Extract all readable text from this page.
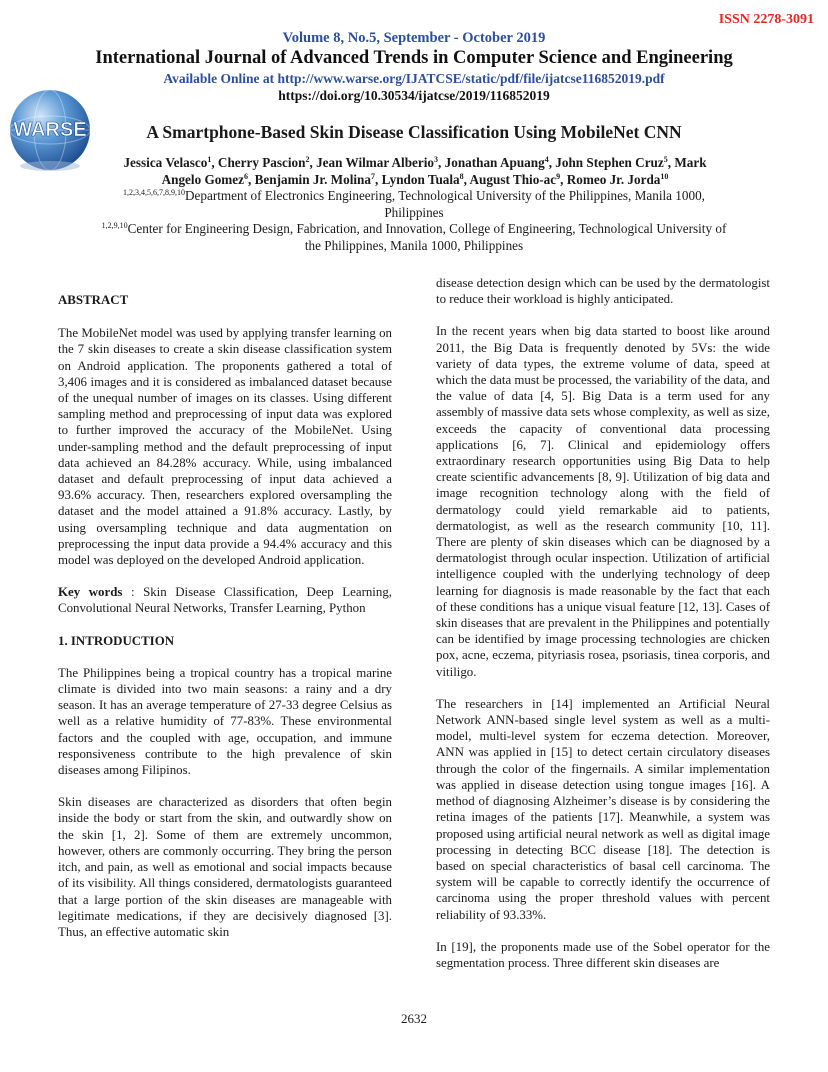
ISSN 2278-3091
WARSE
Volume 8, No.5, September - October 2019
International Journal of Advanced Trends in Computer Science and Engineering
Available Online at http://www.warse.org/IJATCSE/static/pdf/file/ijatcse116852019.pdf
https://doi.org/10.30534/ijatcse/2019/116852019
A Smartphone-Based Skin Disease Classification Using MobileNet CNN
Jessica Velasco$^1$, Cherry Pascion$^2$, Jean Wilmar Alberio$^3$, Jonathan Apuang$^4$, John Stephen Cruz$^5$, Mark Angelo Gomez$^6$, Benjamin Jr. Molina$^7$, Lyndon Tuala$^8$, August Thio-$ac^9$, Romeo Jr. Jorda$^{10}$
$^{1,2,3,4,5,6,7,8,9,10}$Department of Electronics Engineering, Technological University of the Philippines, Manila 1000, Philippines
$^{1,2,9,10}$Center for Engineering Design, Fabrication, and Innovation, College of Engineering, Technological University of the Philippines, Manila 1000, Philippines

ABSTRACT

The MobileNet model was used by applying transfer learning on the 7 skin diseases to create a skin disease classification system on Android application. The proponents gathered a total of 3,406 images and it is considered as imbalanced dataset because of the unequal number of images on its classes. Using different sampling method and preprocessing of input data was explored to further improved the accuracy of the MobileNet. Using under-sampling method and the default preprocessing of input data achieved an 84.28% accuracy. While, using imbalanced dataset and default preprocessing of input data achieved a 93.6% accuracy. Then, researchers explored oversampling the dataset and the model attained a 91.8% accuracy. Lastly, by using oversampling technique and data augmentation on preprocessing the input data provide a 94.4% accuracy and this model was deployed on the developed Android application.

Key words : Skin Disease Classification, Deep Learning, Convolutional Neural Networks, Transfer Learning, Python

1. INTRODUCTION

The Philippines being a tropical country has a tropical marine climate is divided into two main seasons: a rainy and a dry season. It has an average temperature of 27-33 degree Celsius as well as a relative humidity of 77-83%. These environmental factors and the coupled with age, occupation, and immune responsiveness contribute to the high prevalence of skin diseases among Filipinos.

Skin diseases are characterized as disorders that often begin inside the body or start from the skin, and outwardly show on the skin [1, 2]. Some of them are extremely uncommon, however, others are commonly occurring. They bring the person itch, and pain, as well as emotional and social impacts because of its visibility. All things considered, dermatologists guaranteed that a large portion of the skin diseases are manageable with legitimate medications, if they are decisively diagnosed [3]. Thus, an effective automatic skin

disease detection design which can be used by the dermatologist to reduce their workload is highly anticipated.

In the recent years when big data started to boost like around 2011, the Big Data is frequently denoted by 5Vs: the wide variety of data types, the extreme volume of data, speed at which the data must be processed, the variability of the data, and the value of data [4, 5]. Big Data is a term used for any assembly of massive data sets whose complexity, as well as size, exceeds the capacity of conventional data processing applications [6, 7]. Clinical and epidemiology offers extraordinary research opportunities using Big Data to help create scientific advancements [8, 9]. Utilization of big data and image recognition technology along with the field of dermatology could yield remarkable aid to patients, dermatologist, as well as the research community [10, 11]. There are plenty of skin diseases which can be diagnosed by a dermatologist through ocular inspection. Utilization of artificial intelligence coupled with the underlying technology of deep learning for diagnosis is made reasonable by the fact that each of these conditions has a unique visual feature [12, 13]. Cases of skin diseases that are prevalent in the Philippines and potentially can be identified by image processing technologies are chicken pox, acne, eczema, pityriasis rosea, psoriasis, tinea corporis, and vitiligo.

The researchers in [14] implemented an Artificial Neural Network ANN-based single level system as well as a multi-model, multi-level system for eczema detection. Moreover, ANN was applied in [15] to detect certain circulatory diseases through the color of the fingernails. A similar implementation was applied in disease detection using tongue images [16]. A method of diagnosing Alzheimer’s disease is by considering the retina images of the patients [17]. Meanwhile, a system was proposed using artificial neural network as well as digital image processing in detecting BCC disease [18]. The detection is based on special characteristics of basal cell carcinoma. The system will be capable to correctly identify the occurrence of carcinoma using the proper threshold values with percent reliability of 93.33%.

In [19], the proponents made use of the Sobel operator for the segmentation process. Three different skin diseases are

2632
